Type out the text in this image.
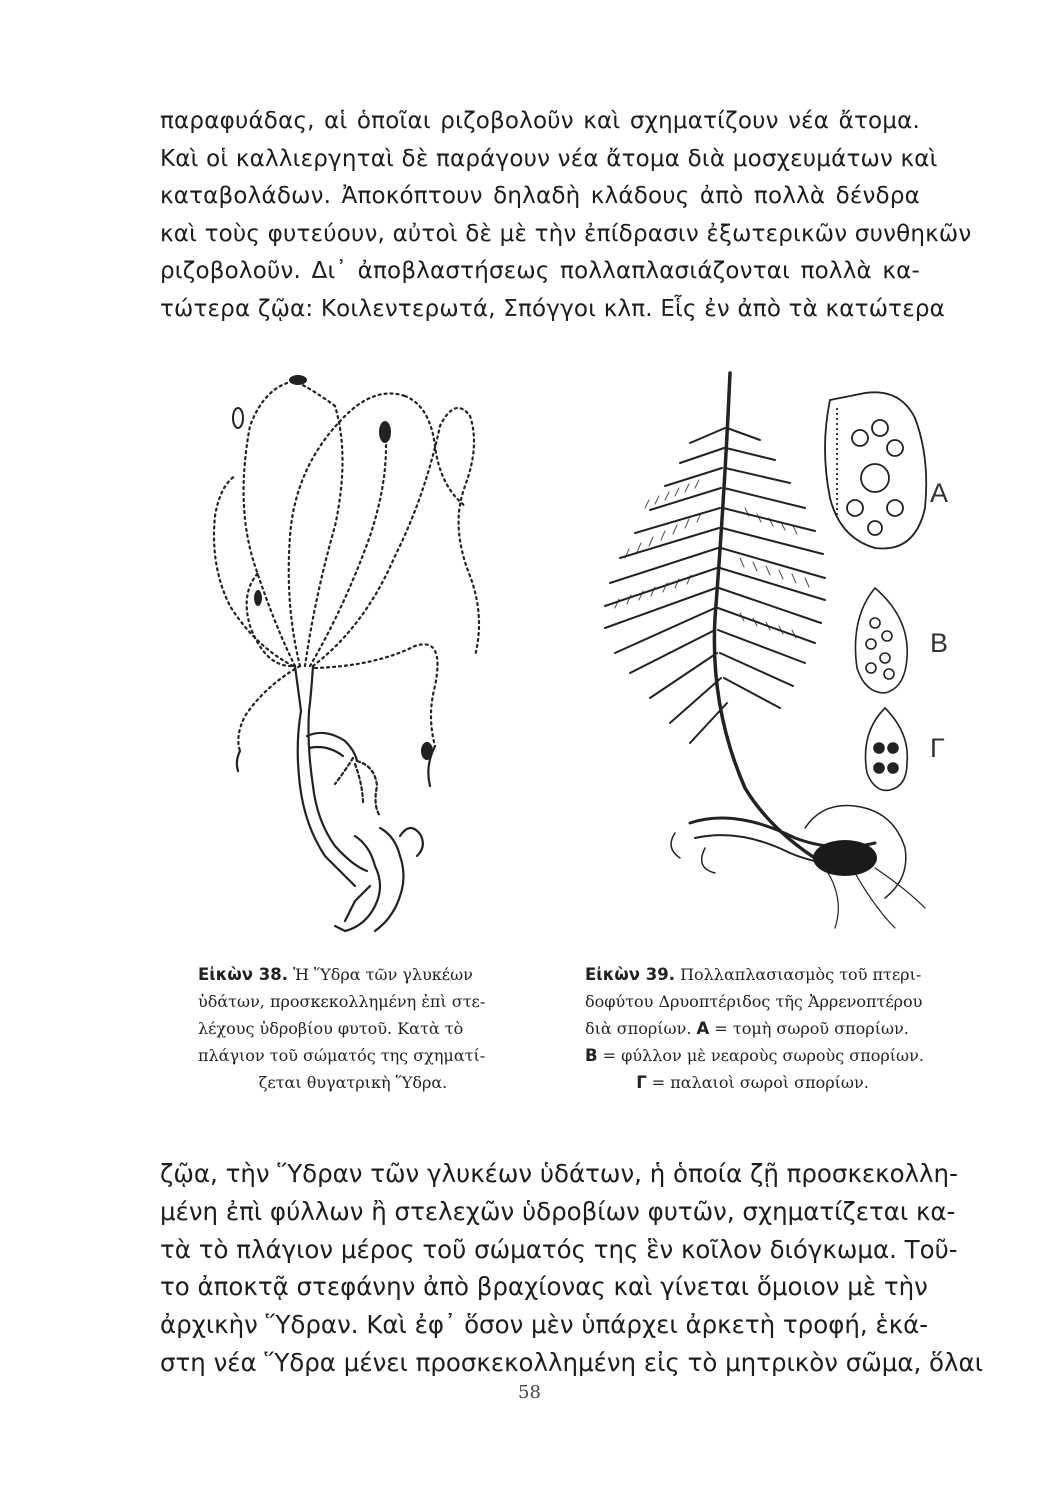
παραφυάδας, αἱ ὁποῖαι ριζοβολοῦν καὶ σχηματίζουν νέα ἄτομα.
Καὶ οἱ καλλιεργηταὶ δὲ παράγουν νέα ἄτομα διὰ μοσχευμάτων καὶ
καταβολάδων. Ἀποκόπτουν δηλαδὴ κλάδους ἀπὸ πολλὰ δένδρα
καὶ τοὺς φυτεύουν, αὐτοὶ δὲ μὲ τὴν ἐπίδρασιν ἐξωτερικῶν συνθηκῶν
ριζοβολοῦν. Δι᾽ ἀποβλαστήσεως πολλαπλασιάζονται πολλὰ κα-
τώτερα ζῷα: Κοιλεντερωτά, Σπόγγοι κλπ. Εἷς ἐν ἀπὸ τὰ κατώτερα
A
B
Γ
Εἰκὼν 38. Ἡ Ὕδρα τῶν γλυκέων
ὑδάτων, προσκεκολλημένη ἐπὶ στε-
λέχους ὑδροβίου φυτοῦ. Κατὰ τὸ
πλάγιον τοῦ σώματός της σχηματί-
ζεται θυγατρικὴ Ὕδρα.
Εἰκὼν 39. Πολλαπλασιασμὸς τοῦ πτερι-
δοφύτου Δρυοπτέριδος τῆς Ἀρρενοπτέρου
διὰ σπορίων. A = τομὴ σωροῦ σπορίων.
B = φύλλον μὲ νεαροὺς σωροὺς σπορίων.
Γ = παλαιοὶ σωροὶ σπορίων.
ζῷα, τὴν Ὕδραν τῶν γλυκέων ὑδάτων, ἡ ὁποία ζῇ προσκεκολλη-
μένη ἐπὶ φύλλων ἢ στελεχῶν ὑδροβίων φυτῶν, σχηματίζεται κα-
τὰ τὸ πλάγιον μέρος τοῦ σώματός της ἓν κοῖλον διόγκωμα. Τοῦ-
το ἀποκτᾷ στεφάνην ἀπὸ βραχίονας καὶ γίνεται ὅμοιον μὲ τὴν
ἀρχικὴν Ὕδραν. Καὶ ἐφ᾽ ὅσον μὲν ὑπάρχει ἀρκετὴ τροφή, ἑκά-
στη νέα Ὕδρα μένει προσκεκολλημένη εἰς τὸ μητρικὸν σῶμα, ὅλαι
58
